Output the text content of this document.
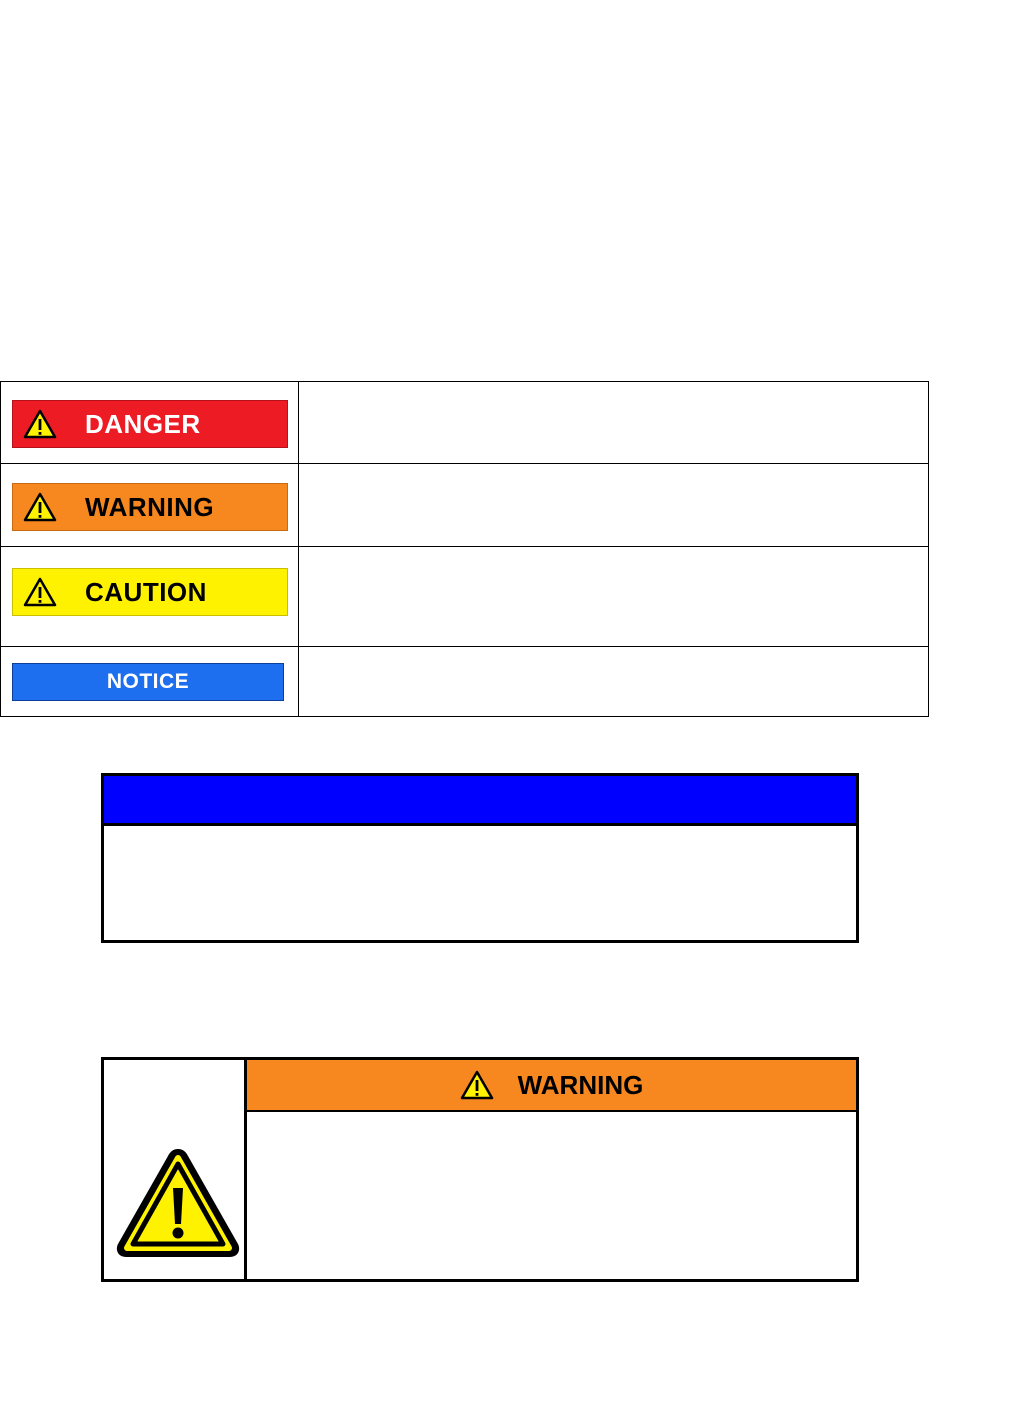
DANGER
WARNING
CAUTION
NOTICE
WARNING
